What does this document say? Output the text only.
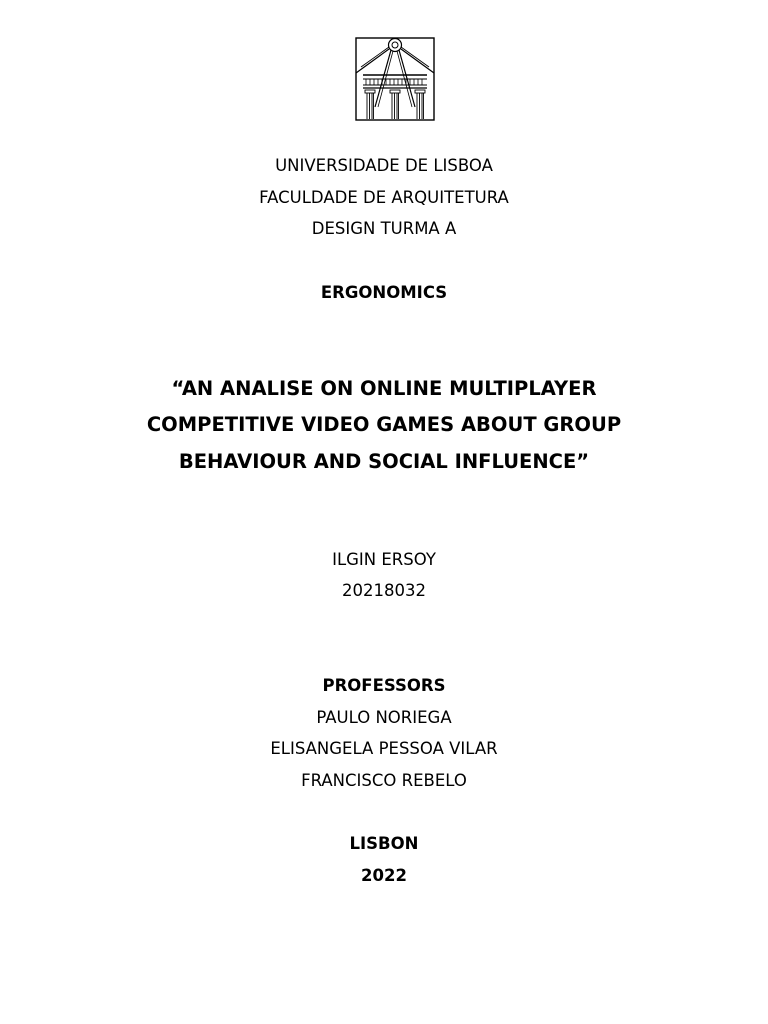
UNIVERSIDADE DE LISBOA
FACULDADE DE ARQUITETURA
DESIGN TURMA A
ERGONOMICS
“AN ANALISE ON ONLINE MULTIPLAYER
COMPETITIVE VIDEO GAMES ABOUT GROUP
BEHAVIOUR AND SOCIAL INFLUENCE”
ILGIN ERSOY
20218032
PROFESSORS
PAULO NORIEGA
ELISANGELA PESSOA VILAR
FRANCISCO REBELO
LISBON
2022
